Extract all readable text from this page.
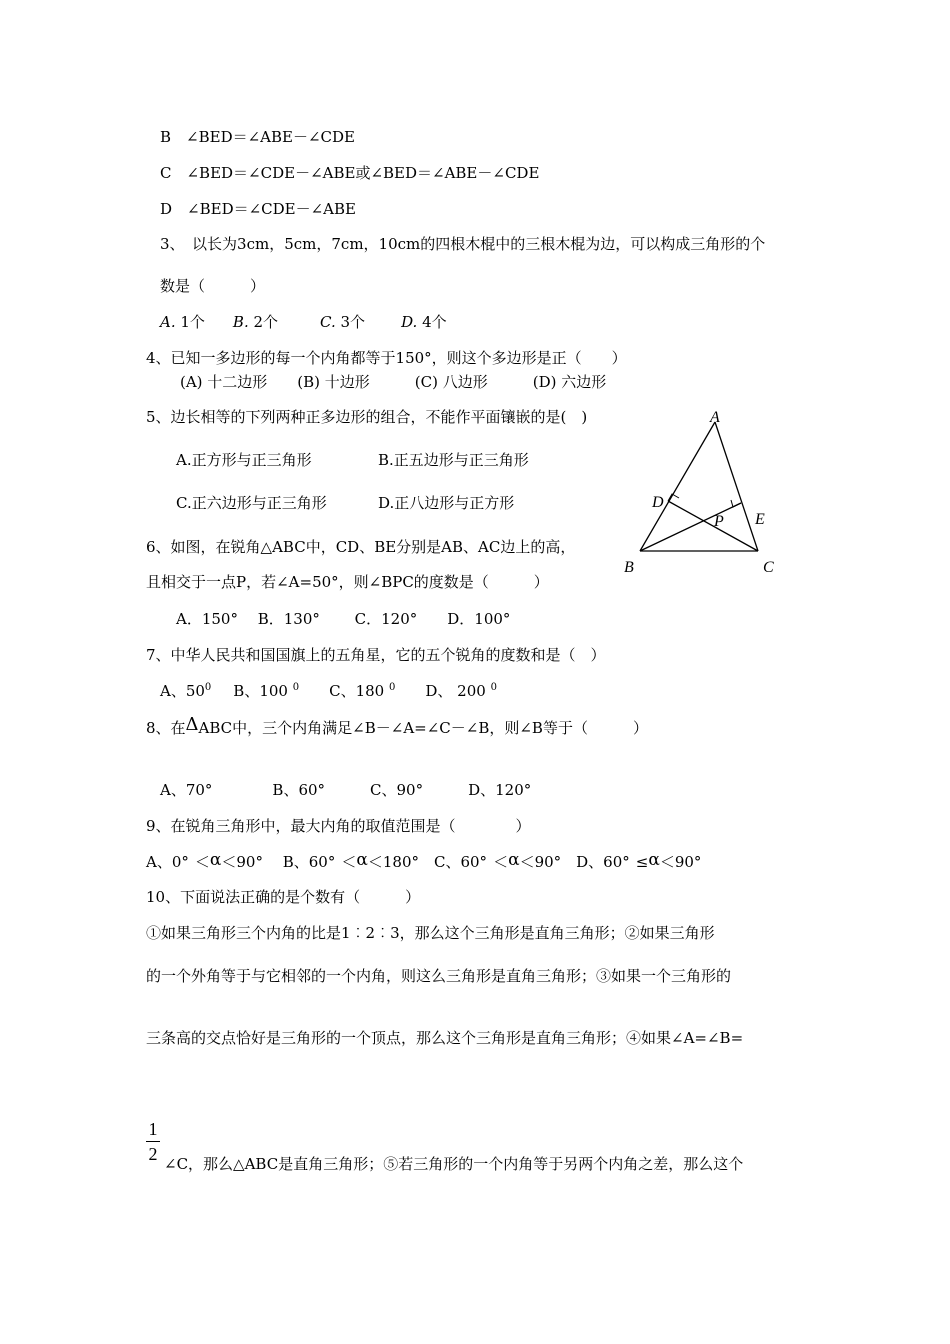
B　∠BED＝∠ABE－∠CDE
C　∠BED＝∠CDE－∠ABE或∠BED＝∠ABE－∠CDE
D　∠BED＝∠CDE－∠ABE
3、　以长为3cm，5cm，7cm，10cm的四根木棍中的三根木棍为边，可以构成三角形的个
数是（　　　）
A. 1个 B. 2个	C. 3个 D. 4个
4、已知一多边形的每一个内角都等于150°，则这个多边形是正（　　）
(A) 十二边形　　(B) 十边形　　　(C) 八边形　　　(D) 六边形
5、边长相等的下列两种正多边形的组合，不能作平面镶嵌的是(　)
A.正方形与正三角形	B.正五边形与正三角形
C.正六边形与正三角形	D.正八边形与正方形
A
B	C
D
E
P
6、如图，在锐角△ABC中，CD、BE分别是AB、AC边上的高，
且相交于一点P，若∠A=50°，则∠BPC的度数是（　　　）
A．150°　 B．130°　　 C．120°　　D．100°
7、中华人民共和国国旗上的五角星，它的五个锐角的度数和是（　）
A、$50^0$ B、100 $^0$ C、180 $^0$ D、 200 $^0$
8、在ΔABC中，三个内角满足∠B－∠A=∠C－∠B，则∠B等于（　　　）
A、70°　　　　B、60°　　　C、90°　　　D、120°
9、在锐角三角形中，最大内角的取值范围是（　　　　）
A、0° ＜α＜90°　 B、60° ＜α＜180°　C、60° ＜α＜90°　D、60° ≤α＜90°
10、下面说法正确的是个数有（　　　）
①如果三角形三个内角的比是1︰2︰3，那么这个三角形是直角三角形；②如果三角形
的一个外角等于与它相邻的一个内角，则这么三角形是直角三角形；③如果一个三角形的
三条高的交点恰好是三角形的一个顶点，那么这个三角形是直角三角形；④如果∠A=∠B=
1
2 ∠C，那么△ABC是直角三角形；⑤若三角形的一个内角等于另两个内角之差，那么这个
